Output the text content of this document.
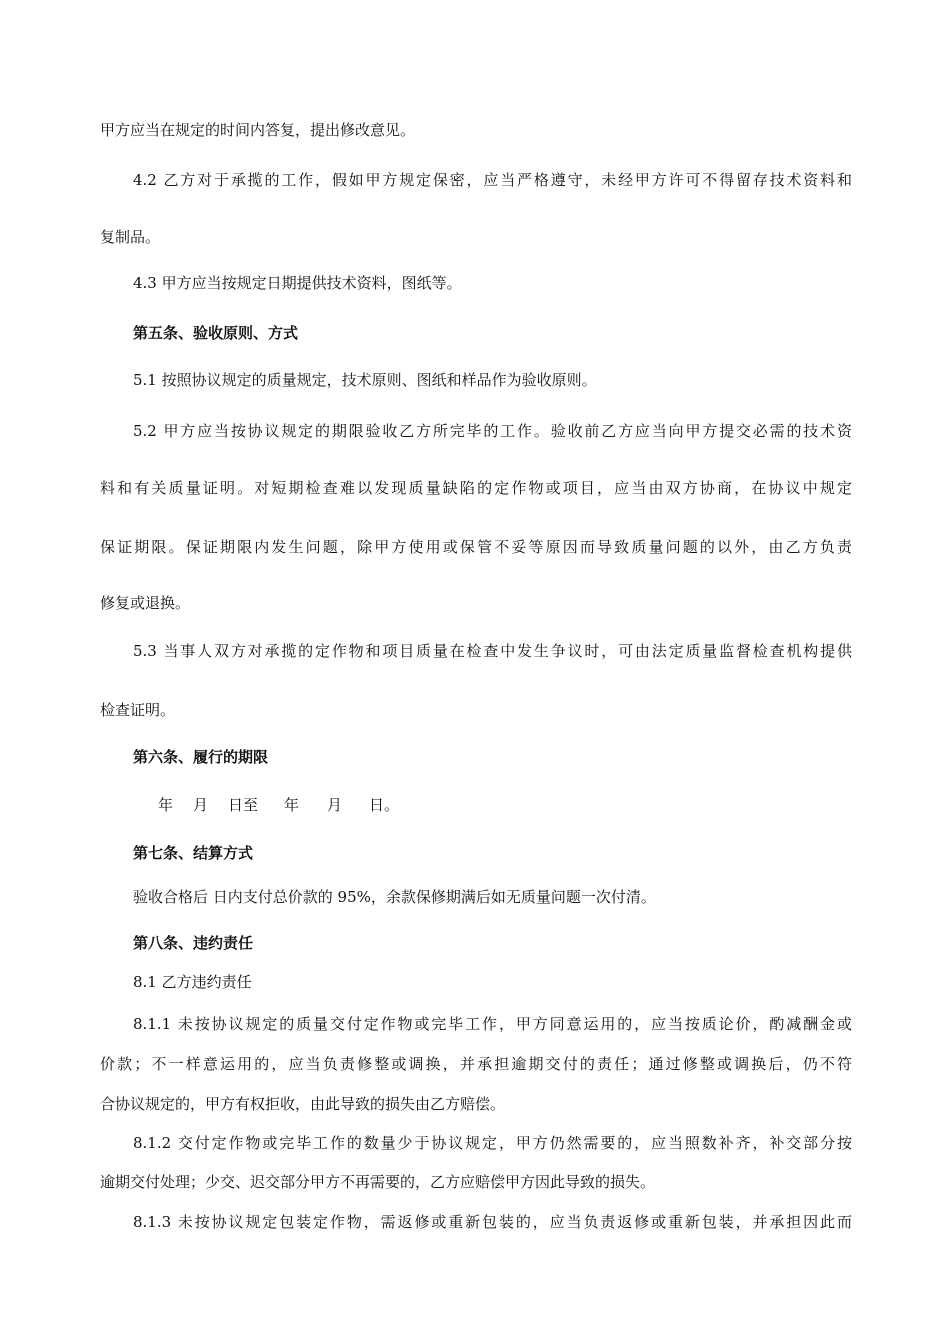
甲方应当在规定的时间内答复，提出修改意见。
4.2 乙方对于承揽的工作，假如甲方规定保密，应当严格遵守，未经甲方许可不得留存技术资料和
复制品。
4.3 甲方应当按规定日期提供技术资料，图纸等。
第五条、验收原则、方式
5.1 按照协议规定的质量规定，技术原则、图纸和样品作为验收原则。
5.2 甲方应当按协议规定的期限验收乙方所完毕的工作。验收前乙方应当向甲方提交必需的技术资
料和有关质量证明。对短期检查难以发现质量缺陷的定作物或项目，应当由双方协商，在协议中规定
保证期限。保证期限内发生问题，除甲方使用或保管不妥等原因而导致质量问题的以外，由乙方负责
修复或退换。
5.3 当事人双方对承揽的定作物和项目质量在检查中发生争议时，可由法定质量监督检查机构提供
检查证明。
第六条、履行的期限
年 月 日至 年 月 日。
第七条、结算方式
验收合格后 日内支付总价款的 95%，余款保修期满后如无质量问题一次付清。
第八条、违约责任
8.1 乙方违约责任
8.1.1 未按协议规定的质量交付定作物或完毕工作，甲方同意运用的，应当按质论价，酌减酬金或
价款；不一样意运用的，应当负责修整或调换，并承担逾期交付的责任；通过修整或调换后，仍不符
合协议规定的，甲方有权拒收，由此导致的损失由乙方赔偿。
8.1.2 交付定作物或完毕工作的数量少于协议规定，甲方仍然需要的，应当照数补齐，补交部分按
逾期交付处理；少交、迟交部分甲方不再需要的，乙方应赔偿甲方因此导致的损失。
8.1.3 未按协议规定包装定作物，需返修或重新包装的，应当负责返修或重新包装，并承担因此而
